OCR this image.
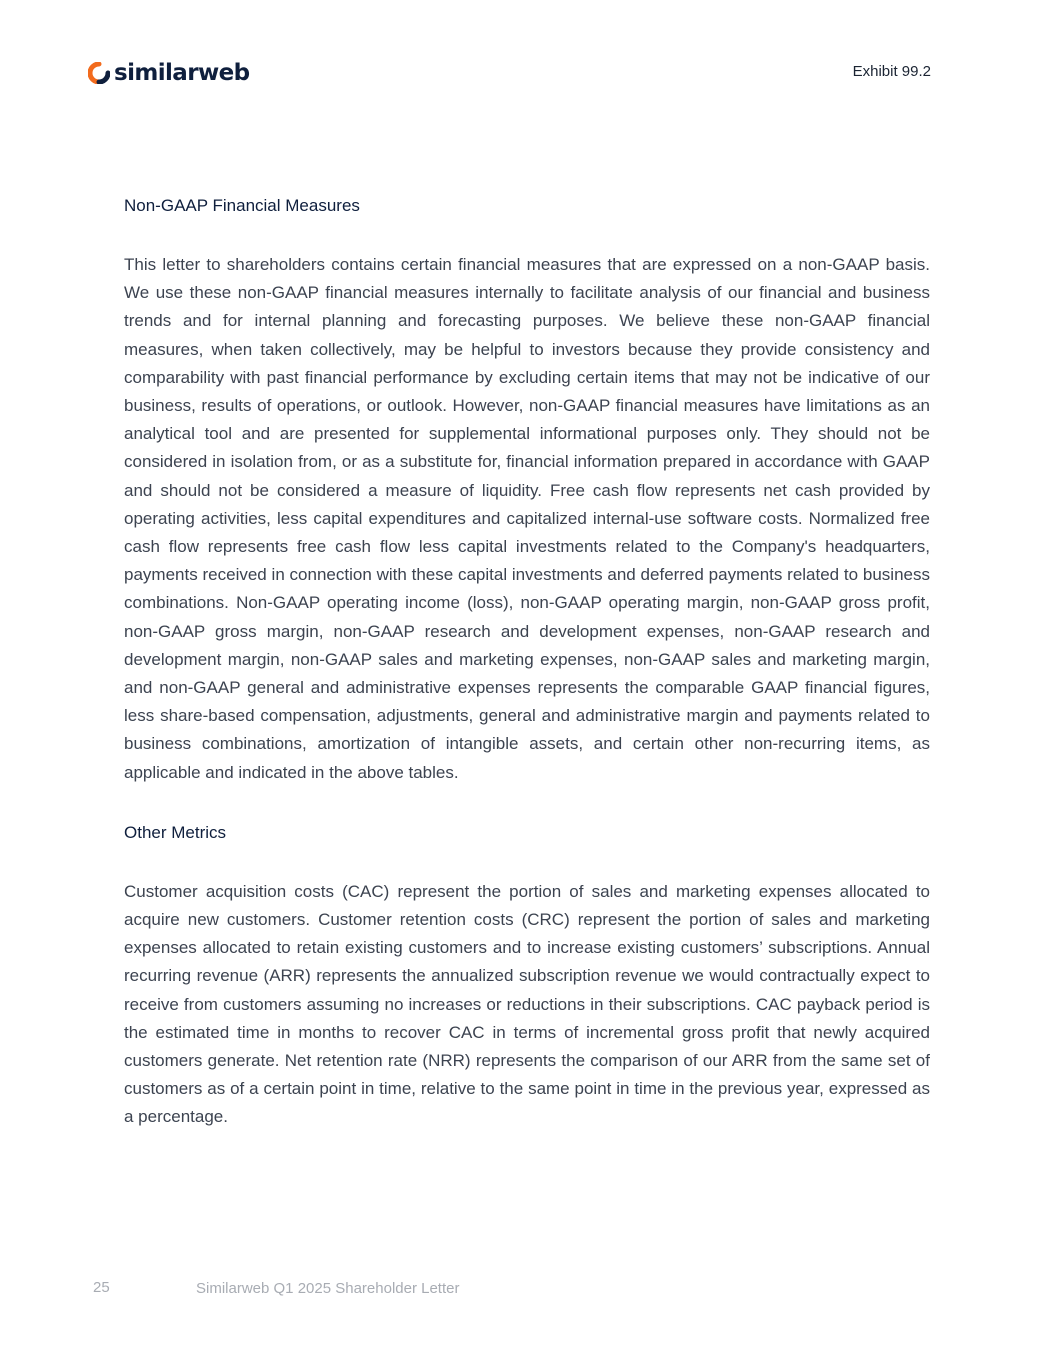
similarweb	Exhibit 99.2
Non-GAAP Financial Measures

This letter to shareholders contains certain financial measures that are expressed on a non-GAAP basis. We use these non-GAAP financial measures internally to facilitate analysis of our financial and business trends and for internal planning and forecasting purposes. We believe these non-GAAP financial measures, when taken collectively, may be helpful to investors because they provide consistency and comparability with past financial performance by excluding certain items that may not be indicative of our business, results of operations, or outlook. However, non-GAAP financial measures have limitations as an analytical tool and are presented for supplemental informational purposes only. They should not be considered in isolation from, or as a substitute for, financial information prepared in accordance with GAAP and should not be considered a measure of liquidity. Free cash flow represents net cash provided by operating activities, less capital expenditures and capitalized internal-use software costs. Normalized free cash flow represents free cash flow less capital investments related to the Company's headquarters, payments received in connection with these capital investments and deferred payments related to business combinations. Non-GAAP operating income (loss), non-GAAP operating margin, non-GAAP gross profit, non-GAAP gross margin, non-GAAP research and development expenses, non-GAAP research and development margin, non-GAAP sales and marketing expenses, non-GAAP sales and marketing margin, and non-GAAP general and administrative expenses represents the comparable GAAP financial figures, less share-based compensation, adjustments, general and administrative margin and payments related to business combinations, amortization of intangible assets, and certain other non-recurring items, as applicable and indicated in the above tables.

Other Metrics

Customer acquisition costs (CAC) represent the portion of sales and marketing expenses allocated to acquire new customers. Customer retention costs (CRC) represent the portion of sales and marketing expenses allocated to retain existing customers and to increase existing customers’ subscriptions. Annual recurring revenue (ARR) represents the annualized subscription revenue we would contractually expect to receive from customers assuming no increases or reductions in their subscriptions. CAC payback period is the estimated time in months to recover CAC in terms of incremental gross profit that newly acquired customers generate. Net retention rate (NRR) represents the comparison of our ARR from the same set of customers as of a certain point in time, relative to the same point in time in the previous year, expressed as a percentage.

25	Similarweb Q1 2025 Shareholder Letter
